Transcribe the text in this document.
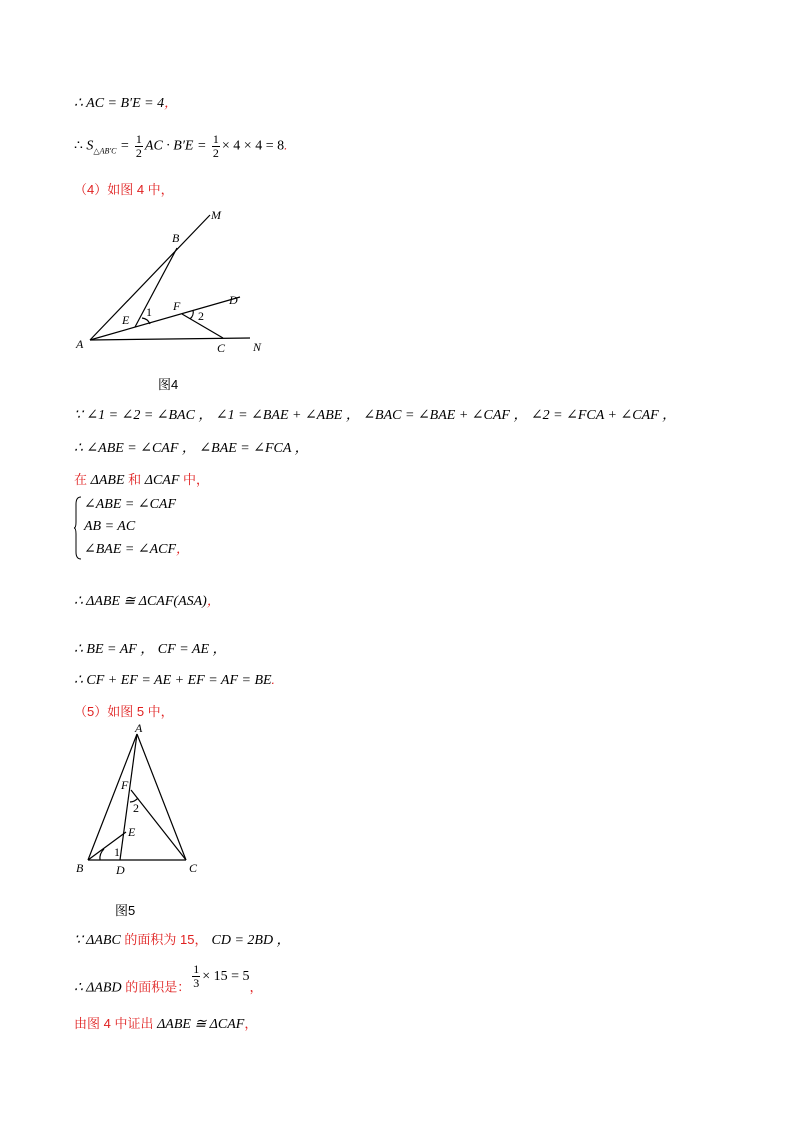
∴ AC = B′E = 4，
∴ $S_{\triangle AB'C} = \frac{1}{2}$ AC · $B'E = \frac{1}{2} \times 4 \times 4 = 8$.
（4）如图 4 中，
M
B
D
F
E
1	2
A	C N
图4
∵ ∠1 = ∠2 = ∠BAC ， ∠1 = ∠BAE + ∠ABE ， ∠BAC = ∠BAE + ∠CAF ， ∠2 = ∠FCA + ∠CAF ，
∴ ∠ABE = ∠CAF ， ∠BAE = ∠FCA ，
在 ΔABE 和 ΔCAF 中，
∠ABE = ∠CAF
AB = AC
∠BAE = ∠ACF，
∴ ΔABE ≅ ΔCAF(ASA)，
∴ BE = AF ， CF = AE ，
∴ CF + EF = AE + EF = AF = BE.
（5）如图 5 中，
A
F
2
E
1
B	D	C
图5
∵ ΔABC 的面积为 15， CD = 2BD ，
∴ ΔABD 的面积是： $\frac{1}{3} \times 15 = 5$，
由图 4 中证出 ΔABE ≅ ΔCAF，
